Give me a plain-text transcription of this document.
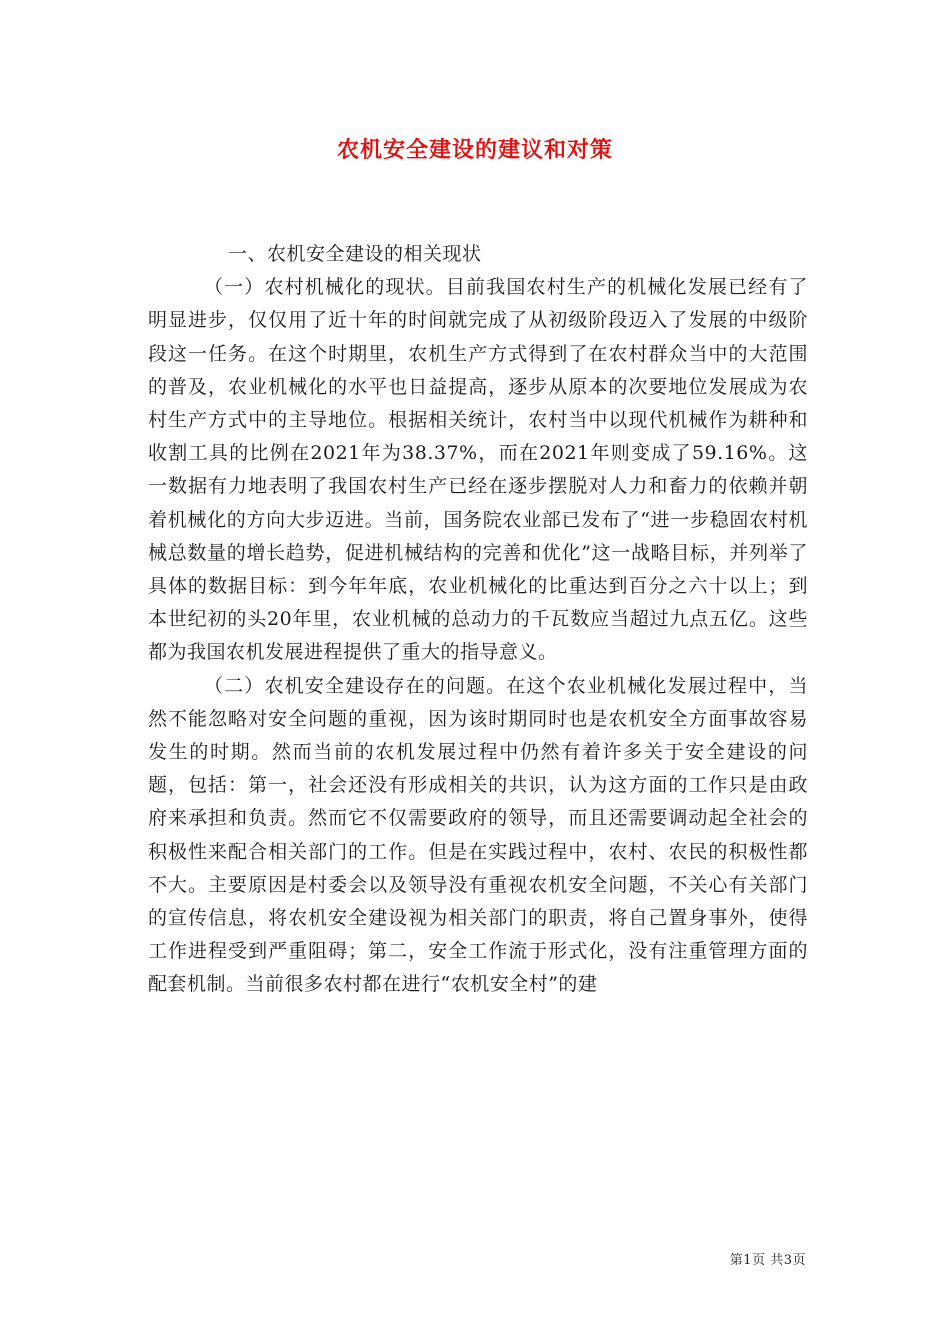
农机安全建设的建议和对策
一、农机安全建设的相关现状

（一）农村机械化的现状。目前我国农村生产的机械化发展已经有了明显进步，仅仅用了近十年的时间就完成了从初级阶段迈入了发展的中级阶段这一任务。在这个时期里，农机生产方式得到了在农村群众当中的大范围的普及，农业机械化的水平也日益提高，逐步从原本的次要地位发展成为农村生产方式中的主导地位。根据相关统计，农村当中以现代机械作为耕种和收割工具的比例在2021年为38.37%，而在2021年则变成了59.16%。这一数据有力地表明了我国农村生产已经在逐步摆脱对人力和畜力的依赖并朝着机械化的方向大步迈进。当前，国务院农业部已发布了“进一步稳固农村机械总数量的增长趋势，促进机械结构的完善和优化”这一战略目标，并列举了具体的数据目标：到今年年底，农业机械化的比重达到百分之六十以上；到本世纪初的头20年里，农业机械的总动力的千瓦数应当超过九点五亿。这些都为我国农机发展进程提供了重大的指导意义。

（二）农机安全建设存在的问题。在这个农业机械化发展过程中，当然不能忽略对安全问题的重视，因为该时期同时也是农机安全方面事故容易发生的时期。然而当前的农机发展过程中仍然有着许多关于安全建设的问题，包括：第一，社会还没有形成相关的共识，认为这方面的工作只是由政府来承担和负责。然而它不仅需要政府的领导，而且还需要调动起全社会的积极性来配合相关部门的工作。但是在实践过程中，农村、农民的积极性都不大。主要原因是村委会以及领导没有重视农机安全问题，不关心有关部门的宣传信息，将农机安全建设视为相关部门的职责，将自己置身事外，使得工作进程受到严重阻碍；第二，安全工作流于形式化，没有注重管理方面的配套机制。当前很多农村都在进行“农机安全村”的建

第1页 共3页
